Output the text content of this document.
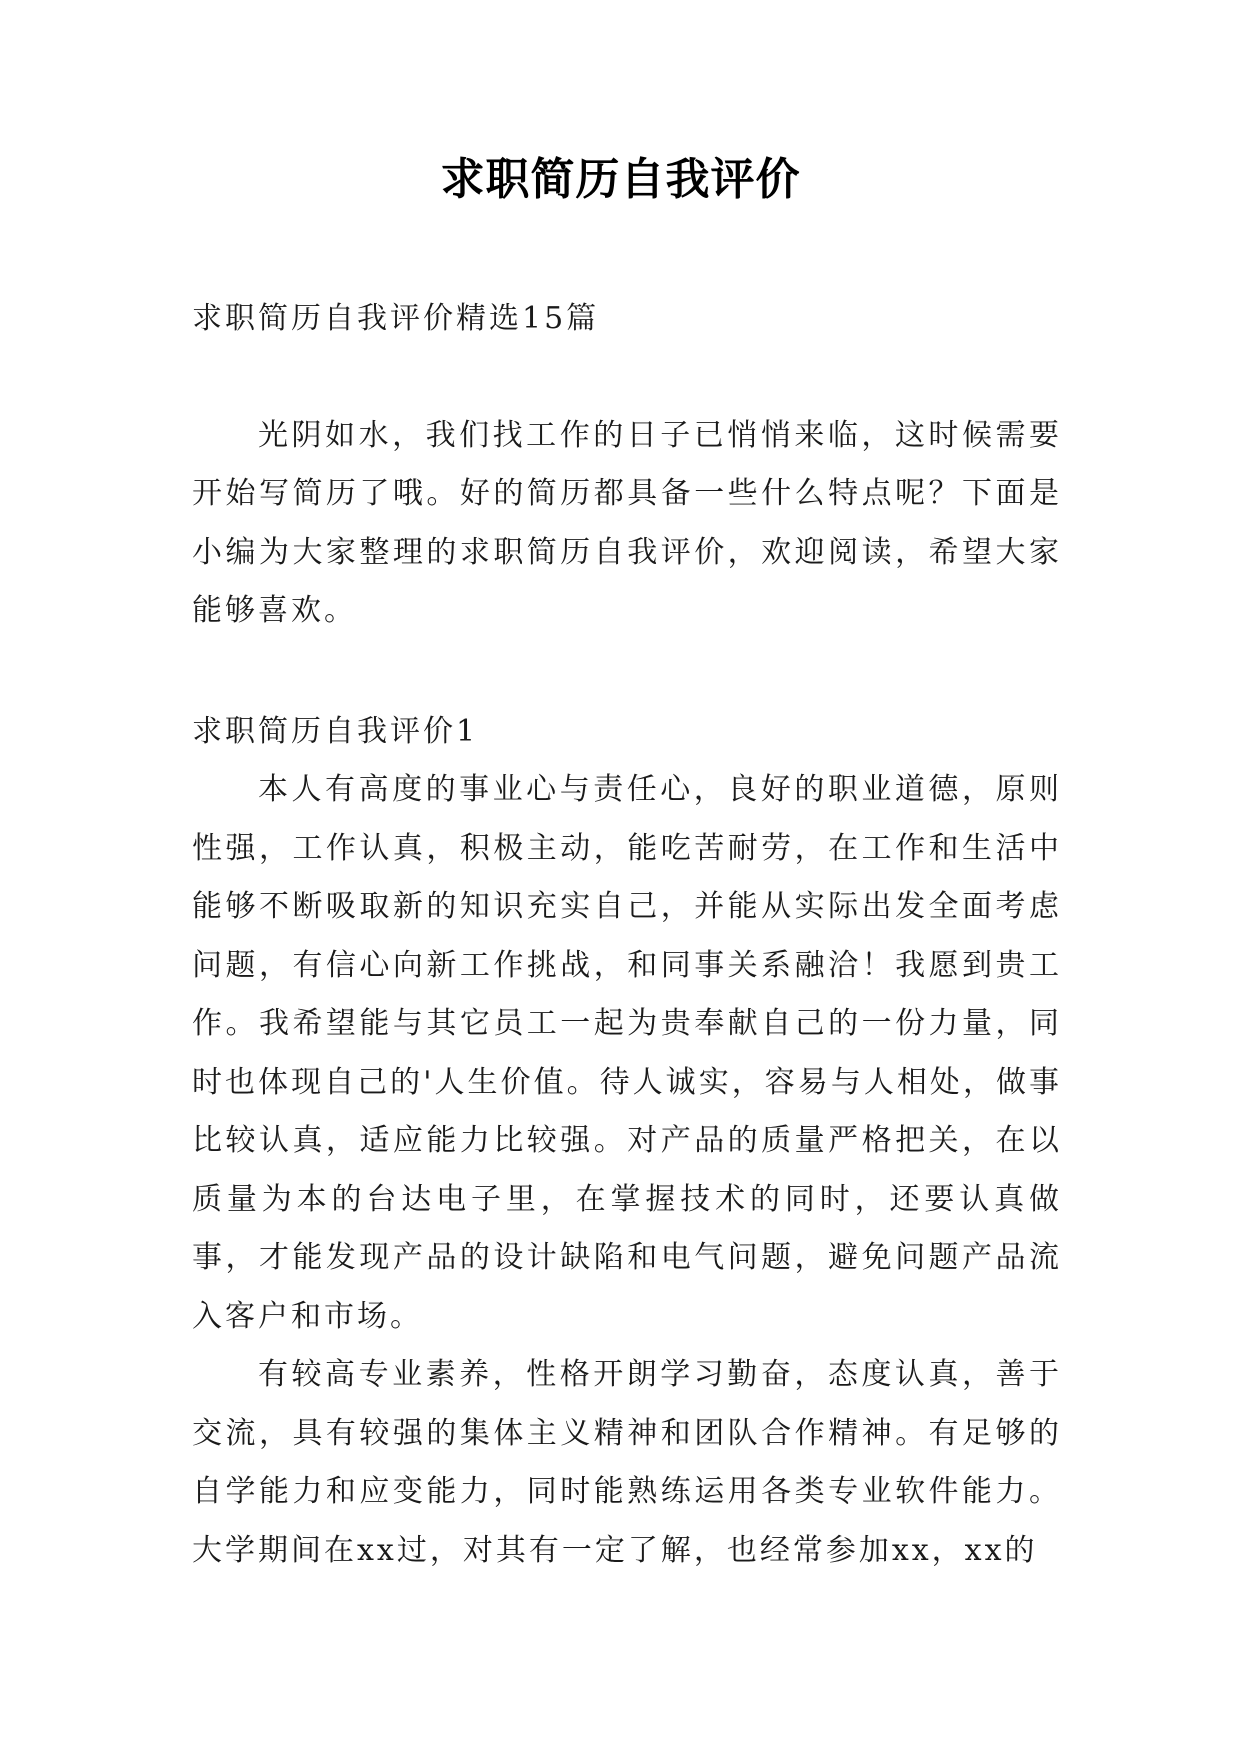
求职简历自我评价

求职简历自我评价精选15篇

光阴如水，我们找工作的日子已悄悄来临，这时候需要开始写简历了哦。好的简历都具备一些什么特点呢？下面是小编为大家整理的求职简历自我评价，欢迎阅读，希望大家能够喜欢。

求职简历自我评价1

本人有高度的事业心与责任心，良好的职业道德，原则性强，工作认真，积极主动，能吃苦耐劳，在工作和生活中能够不断吸取新的知识充实自己，并能从实际出发全面考虑问题，有信心向新工作挑战，和同事关系融洽！我愿到贵工作。我希望能与其它员工一起为贵奉献自己的一份力量，同时也体现自己的'人生价值。待人诚实，容易与人相处，做事比较认真，适应能力比较强。对产品的质量严格把关，在以质量为本的台达电子里，在掌握技术的同时，还要认真做事，才能发现产品的设计缺陷和电气问题，避免问题产品流入客户和市场。

有较高专业素养，性格开朗学习勤奋，态度认真，善于交流，具有较强的集体主义精神和团队合作精神。有足够的自学能力和应变能力，同时能熟练运用各类专业软件能力。大学期间在xx过，对其有一定了解，也经常参加xx，xx的
